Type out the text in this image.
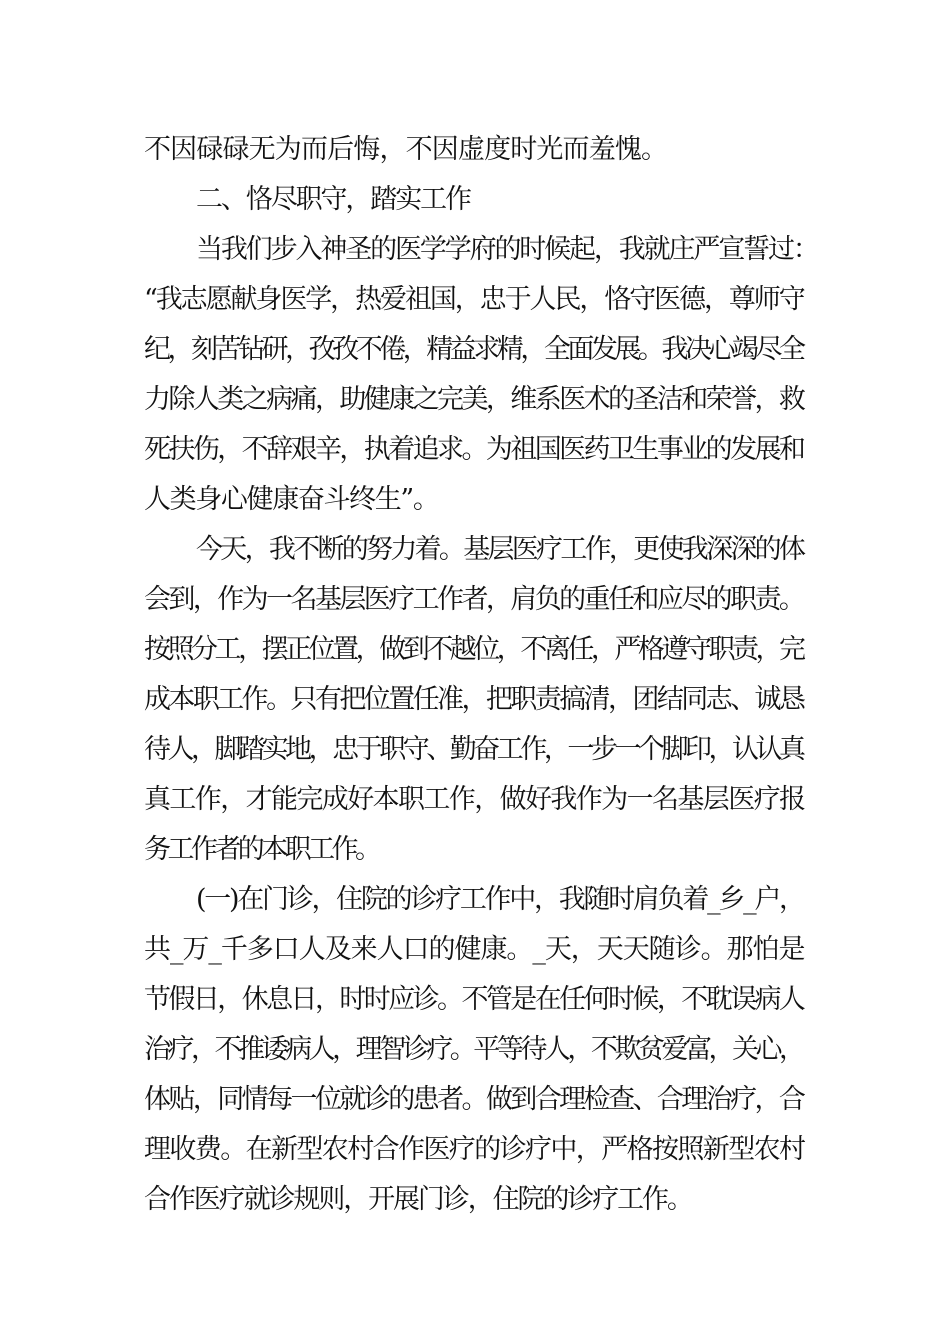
不因碌碌无为而后悔，不因虚度时光而羞愧。
二、恪尽职守，踏实工作
当我们步入神圣的医学学府的时候起，我就庄严宣誓过：
“我志愿献身医学，热爱祖国，忠于人民，恪守医德，尊师守
纪，刻苦钻研，孜孜不倦，精益求精，全面发展。我决心竭尽全
力除人类之病痛，助健康之完美，维系医术的圣洁和荣誉，救
死扶伤，不辞艰辛，执着追求。为祖国医药卫生事业的发展和
人类身心健康奋斗终生”。
今天，我不断的努力着。基层医疗工作，更使我深深的体
会到，作为一名基层医疗工作者，肩负的重任和应尽的职责。
按照分工，摆正位置，做到不越位，不离任，严格遵守职责，完
成本职工作。只有把位置任准，把职责搞清，团结同志、诚恳
待人，脚踏实地，忠于职守、勤奋工作，一步一个脚印，认认真
真工作，才能完成好本职工作，做好我作为一名基层医疗报
务工作者的本职工作。
(一)在门诊，住院的诊疗工作中，我随时肩负着_乡_户，
共_万_千多口人及来人口的健康。_天，天天随诊。那怕是
节假日，休息日，时时应诊。不管是在任何时候，不耽误病人
治疗，不推诿病人，理智诊疗。平等待人，不欺贫爱富，关心，
体贴，同情每一位就诊的患者。做到合理检查、合理治疗，合
理收费。在新型农村合作医疗的诊疗中，严格按照新型农村
合作医疗就诊规则，开展门诊，住院的诊疗工作。
